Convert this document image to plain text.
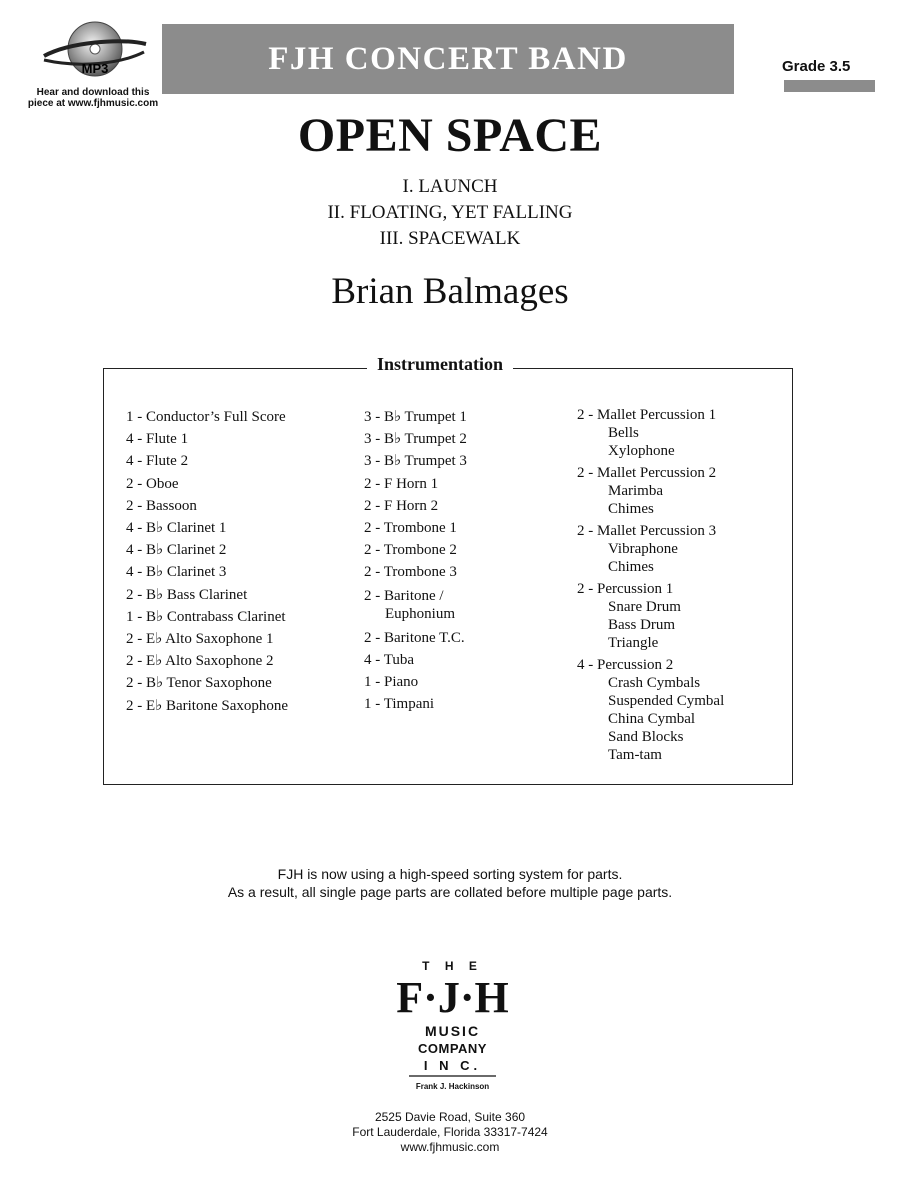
MP3
Hear and download this
piece at www.fjhmusic.com
FJH CONCERT BAND	Grade 3.5
OPEN SPACE
I. LAUNCH
II. FLOATING, YET FALLING
III. SPACEWALK
Brian Balmages
Instrumentation
1 - Conductor’s Full Score
4 - Flute 1
4 - Flute 2
2 - Oboe
2 - Bassoon
4 - B♭ Clarinet 1
4 - B♭ Clarinet 2
4 - B♭ Clarinet 3
2 - B♭ Bass Clarinet
1 - B♭ Contrabass Clarinet
2 - E♭ Alto Saxophone 1
2 - E♭ Alto Saxophone 2
2 - B♭ Tenor Saxophone
2 - E♭ Baritone Saxophone
3 - B♭ Trumpet 1
3 - B♭ Trumpet 2
3 - B♭ Trumpet 3
2 - F Horn 1
2 - F Horn 2
2 - Trombone 1
2 - Trombone 2
2 - Trombone 3
2 - Baritone /
Euphonium
2 - Baritone T.C.
4 - Tuba
1 - Piano
1 - Timpani
2 - Mallet Percussion 1
Bells
Xylophone
2 - Mallet Percussion 2
Marimba
Chimes
2 - Mallet Percussion 3
Vibraphone
Chimes
2 - Percussion 1
Snare Drum
Bass Drum
Triangle
4 - Percussion 2
Crash Cymbals
Suspended Cymbal
China Cymbal
Sand Blocks
Tam-tam
FJH is now using a high-speed sorting system for parts.
As a result, all single page parts are collated before multiple page parts.
T H E
F·J·H
MUSIC
COMPANY
I N C.
Frank J. Hackinson
2525 Davie Road, Suite 360
Fort Lauderdale, Florida 33317-7424
www.fjhmusic.com
